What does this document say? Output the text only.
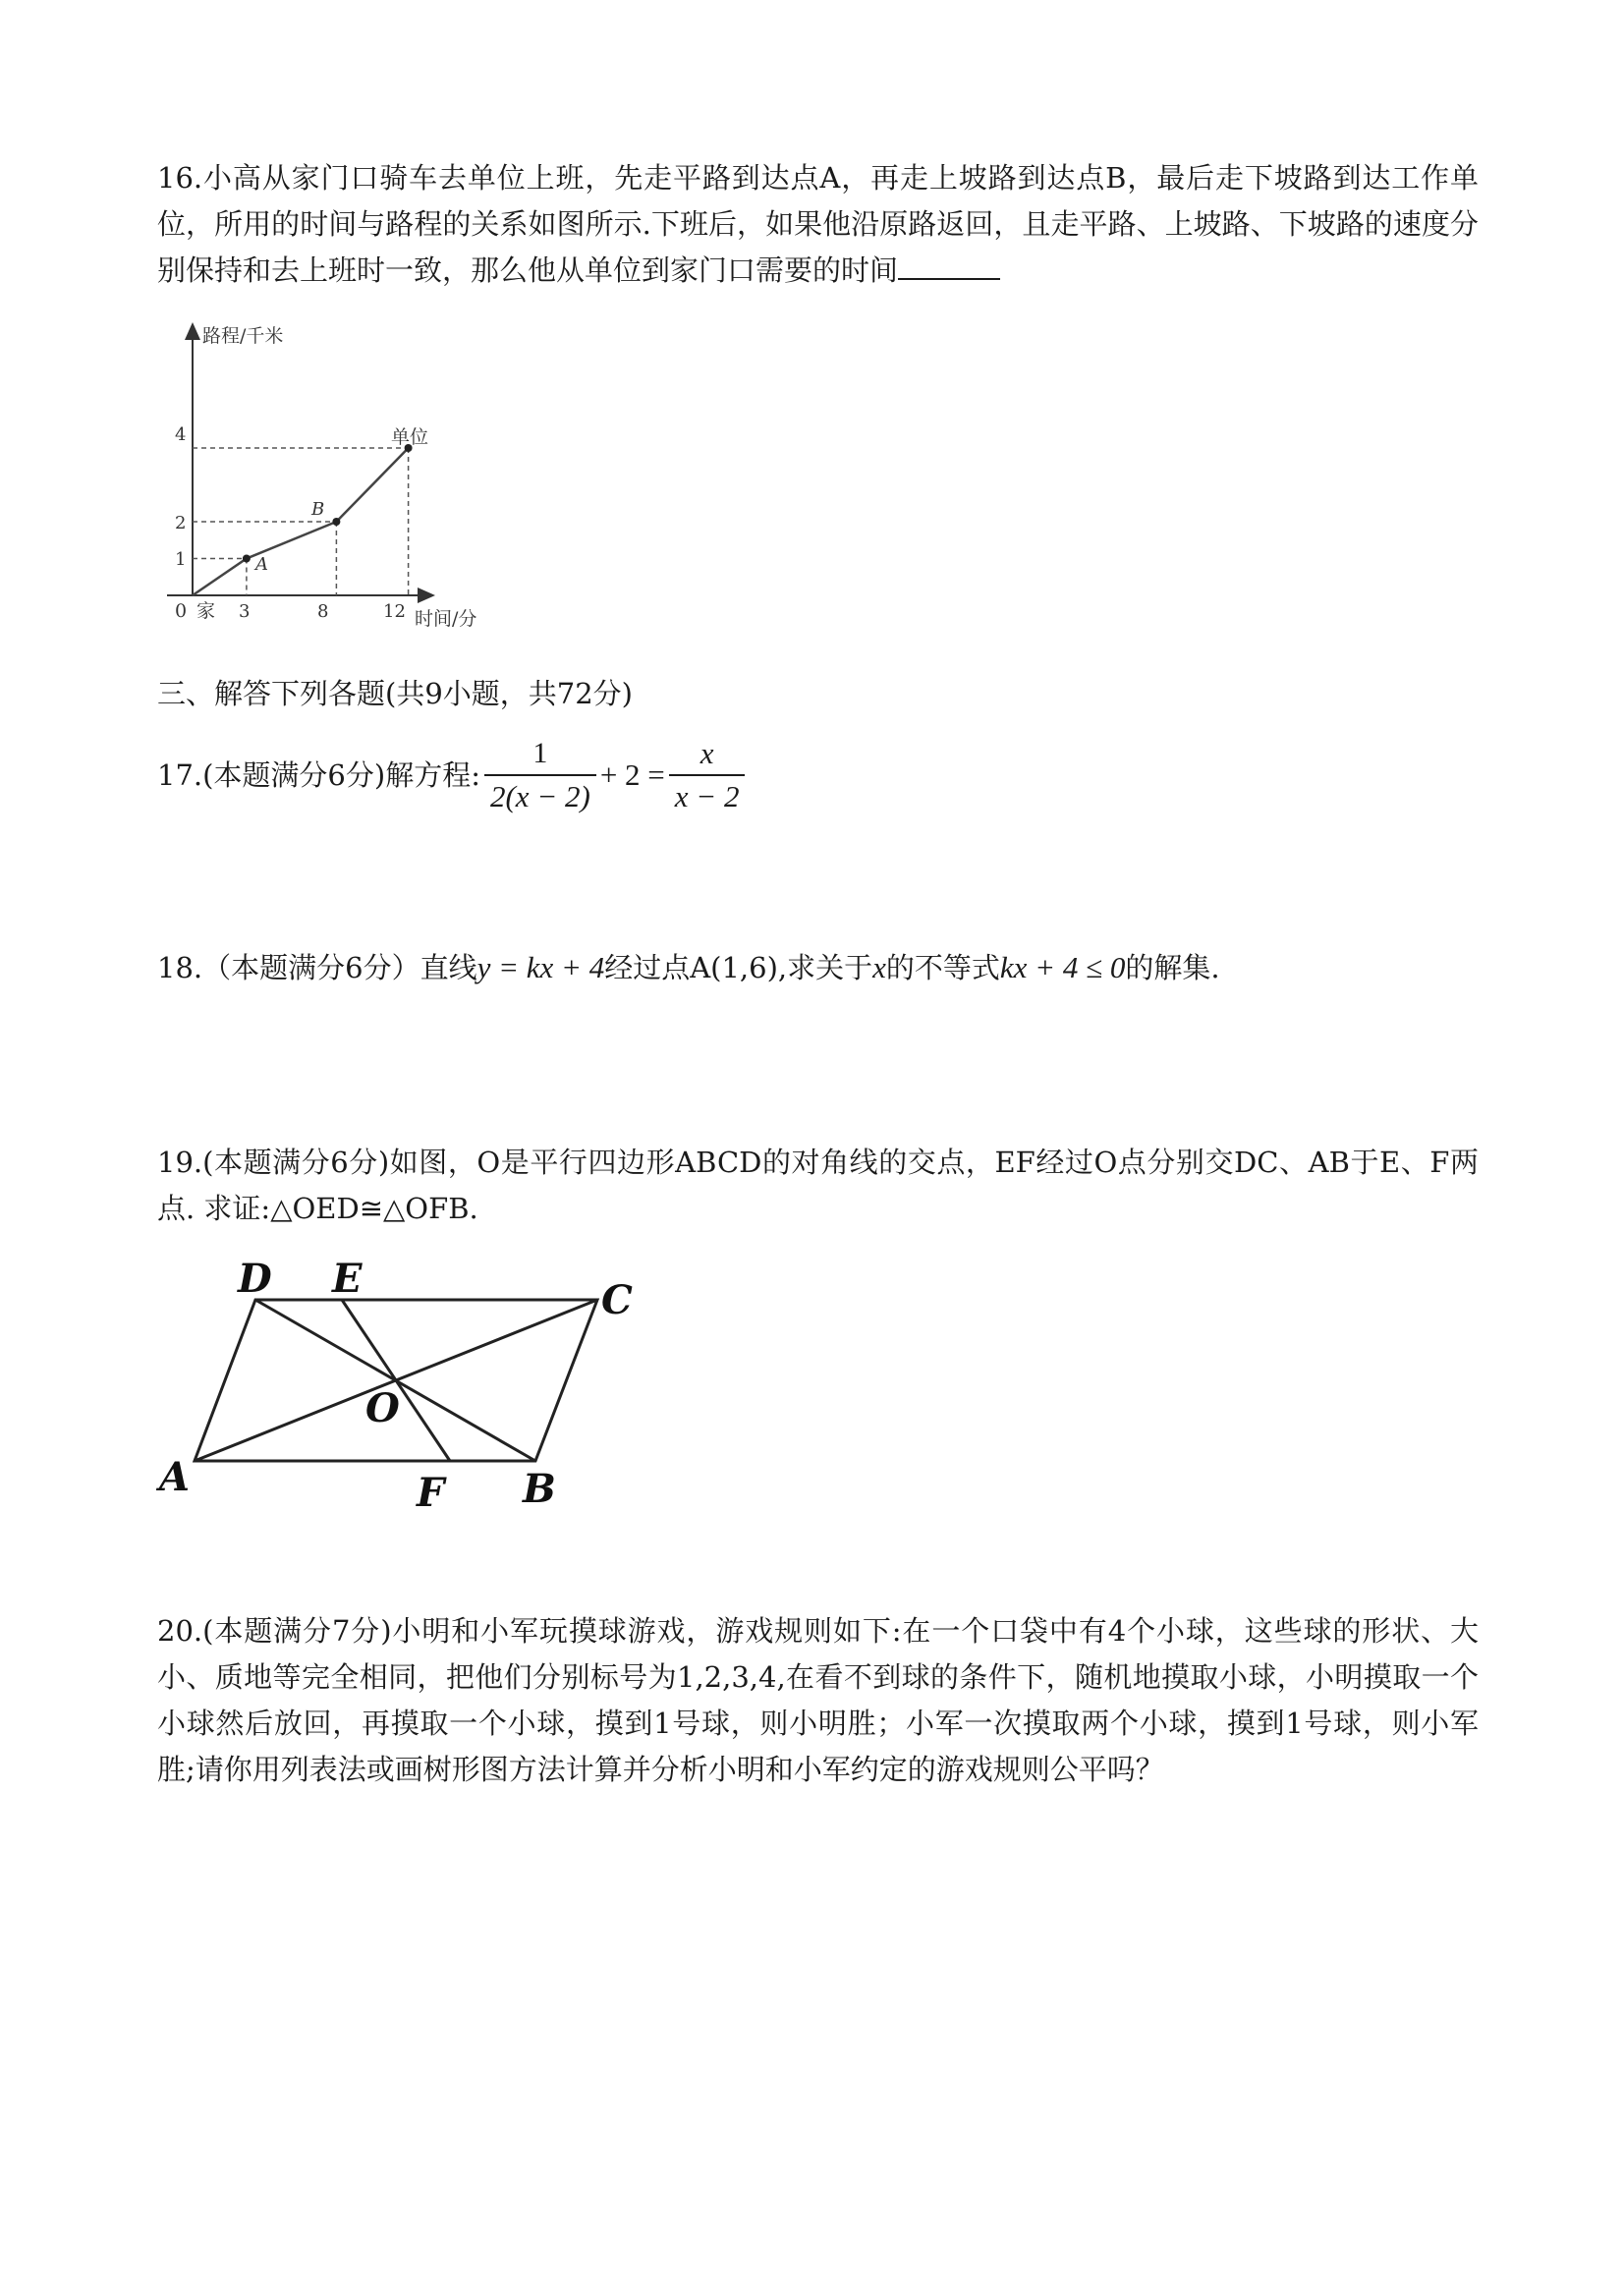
16.小高从家门口骑车去单位上班，先走平路到达点A，再走上坡路到达点B，最后走下坡路到达工作单位，所用的时间与路程的关系如图所示.下班后，如果他沿原路返回，且走平路、上坡路、下坡路的速度分别保持和去上班时一致，那么他从单位到家门口需要的时间
路程/千米
时间/分
0 家
单位
A
B
3	8	12
1
2
4
三、解答下列各题(共9小题，共72分)
17.(本题满分6分)解方程: $\frac{1}{2(x - 2)} + 2 = \frac{x}{x - 2}$
18.（本题满分6分）直线y = kx + 4经过点A(1,6),求关于x的不等式kx + 4 ≤ 0的解集.
19.(本题满分6分)如图，O是平行四边形ABCD的对角线的交点，EF经过O点分别交DC、AB于E、F两点. 求证:△OED≅△OFB.
D E	C
O
A	F B
20.(本题满分7分)小明和小军玩摸球游戏，游戏规则如下:在一个口袋中有4个小球，这些球的形状、大小、质地等完全相同，把他们分别标号为1,2,3,4,在看不到球的条件下，随机地摸取小球，小明摸取一个小球然后放回，再摸取一个小球，摸到1号球，则小明胜；小军一次摸取两个小球，摸到1号球，则小军胜;请你用列表法或画树形图方法计算并分析小明和小军约定的游戏规则公平吗？
